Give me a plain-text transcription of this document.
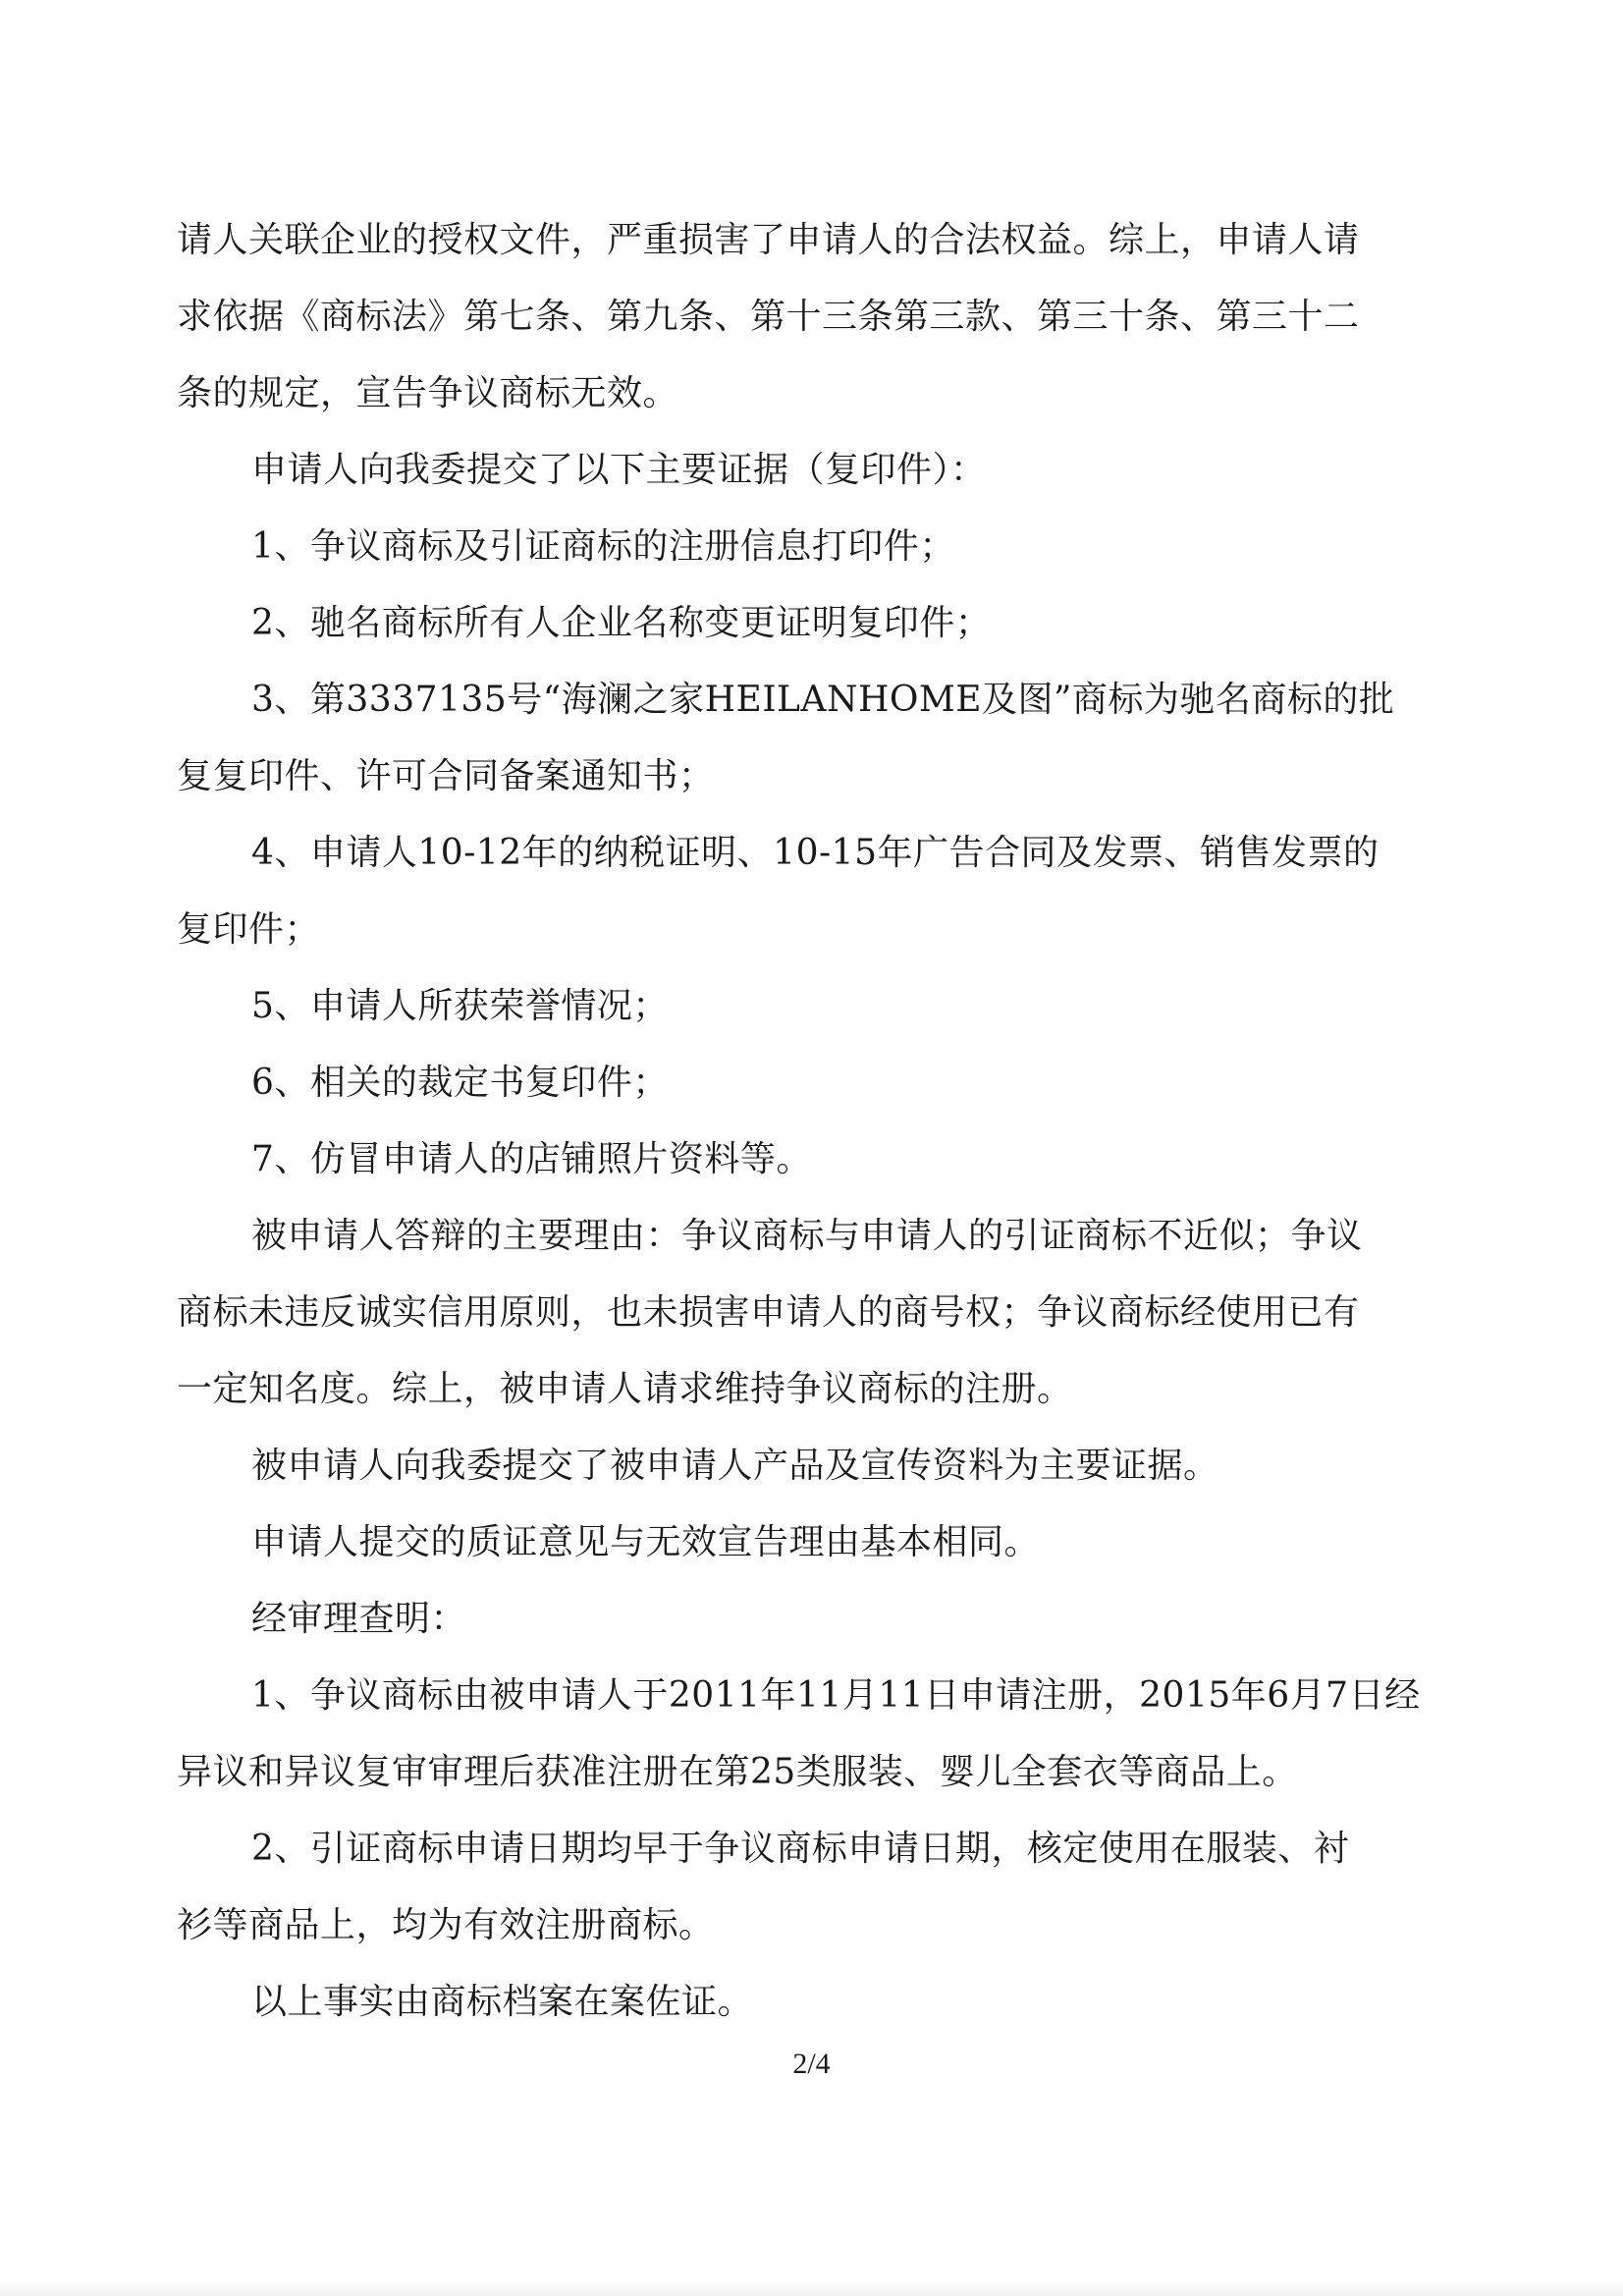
请人关联企业的授权文件，严重损害了申请人的合法权益。综上，申请人请
求依据《商标法》第七条、第九条、第十三条第三款、第三十条、第三十二
条的规定，宣告争议商标无效。
申请人向我委提交了以下主要证据（复印件）：
1、争议商标及引证商标的注册信息打印件；
2、驰名商标所有人企业名称变更证明复印件；
3、第3337135号“海澜之家HEILANHOME及图”商标为驰名商标的批
复复印件、许可合同备案通知书；
4、申请人10-12年的纳税证明、10-15年广告合同及发票、销售发票的
复印件；
5、申请人所获荣誉情况；
6、相关的裁定书复印件；
7、仿冒申请人的店铺照片资料等。
被申请人答辩的主要理由：争议商标与申请人的引证商标不近似；争议
商标未违反诚实信用原则，也未损害申请人的商号权；争议商标经使用已有
一定知名度。综上，被申请人请求维持争议商标的注册。
被申请人向我委提交了被申请人产品及宣传资料为主要证据。
申请人提交的质证意见与无效宣告理由基本相同。
经审理查明：
1、争议商标由被申请人于2011年11月11日申请注册，2015年6月7日经
异议和异议复审审理后获准注册在第25类服装、婴儿全套衣等商品上。
2、引证商标申请日期均早于争议商标申请日期，核定使用在服装、衬
衫等商品上，均为有效注册商标。
以上事实由商标档案在案佐证。
2/4
